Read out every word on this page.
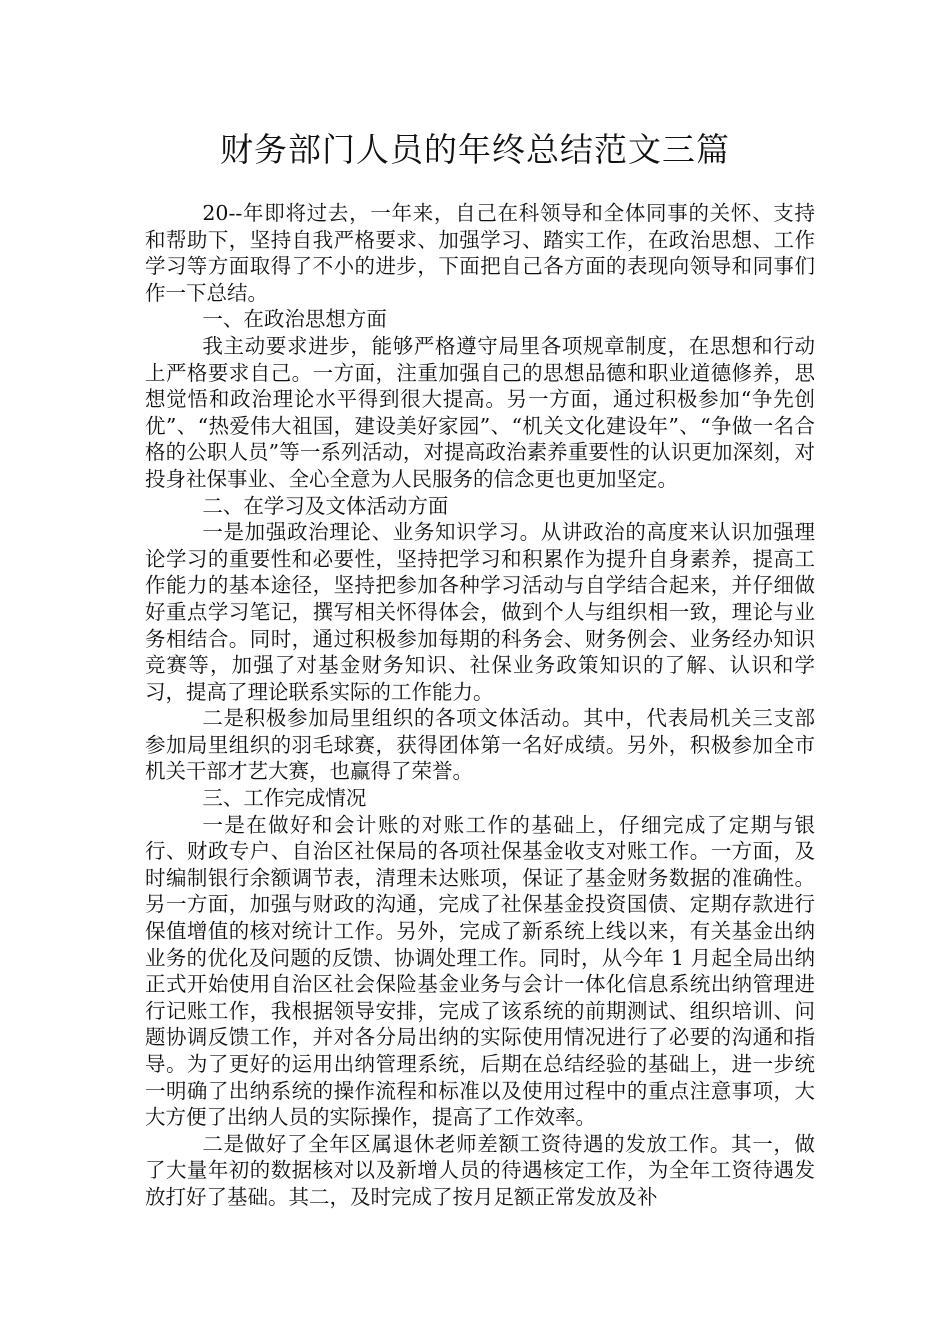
财务部门人员的年终总结范文三篇

20--年即将过去，一年来，自己在科领导和全体同事的关怀、支持和帮助下，坚持自我严格要求、加强学习、踏实工作，在政治思想、工作学习等方面取得了不小的进步，下面把自己各方面的表现向领导和同事们作一下总结。

一、在政治思想方面

我主动要求进步，能够严格遵守局里各项规章制度，在思想和行动上严格要求自己。一方面，注重加强自己的思想品德和职业道德修养，思想觉悟和政治理论水平得到很大提高。另一方面，通过积极参加“争先创优”、“热爱伟大祖国，建设美好家园”、“机关文化建设年”、“争做一名合格的公职人员”等一系列活动，对提高政治素养重要性的认识更加深刻，对投身社保事业、全心全意为人民服务的信念更也更加坚定。

二、在学习及文体活动方面

一是加强政治理论、业务知识学习。从讲政治的高度来认识加强理论学习的重要性和必要性，坚持把学习和积累作为提升自身素养，提高工作能力的基本途径，坚持把参加各种学习活动与自学结合起来，并仔细做好重点学习笔记，撰写相关怀得体会，做到个人与组织相一致，理论与业务相结合。同时，通过积极参加每期的科务会、财务例会、业务经办知识竞赛等，加强了对基金财务知识、社保业务政策知识的了解、认识和学习，提高了理论联系实际的工作能力。

二是积极参加局里组织的各项文体活动。其中，代表局机关三支部参加局里组织的羽毛球赛，获得团体第一名好成绩。另外，积极参加全市机关干部才艺大赛，也赢得了荣誉。

三、工作完成情况

一是在做好和会计账的对账工作的基础上，仔细完成了定期与银行、财政专户、自治区社保局的各项社保基金收支对账工作。一方面，及时编制银行余额调节表，清理未达账项，保证了基金财务数据的准确性。另一方面，加强与财政的沟通，完成了社保基金投资国债、定期存款进行保值增值的核对统计工作。另外，完成了新系统上线以来，有关基金出纳业务的优化及问题的反馈、协调处理工作。同时，从今年 1 月起全局出纳正式开始使用自治区社会保险基金业务与会计一体化信息系统出纳管理进行记账工作，我根据领导安排，完成了该系统的前期测试、组织培训、问题协调反馈工作，并对各分局出纳的实际使用情况进行了必要的沟通和指导。为了更好的运用出纳管理系统，后期在总结经验的基础上，进一步统一明确了出纳系统的操作流程和标准以及使用过程中的重点注意事项，大大方便了出纳人员的实际操作，提高了工作效率。

二是做好了全年区属退休老师差额工资待遇的发放工作。其一，做了大量年初的数据核对以及新增人员的待遇核定工作，为全年工资待遇发放打好了基础。其二，及时完成了按月足额正常发放及补
